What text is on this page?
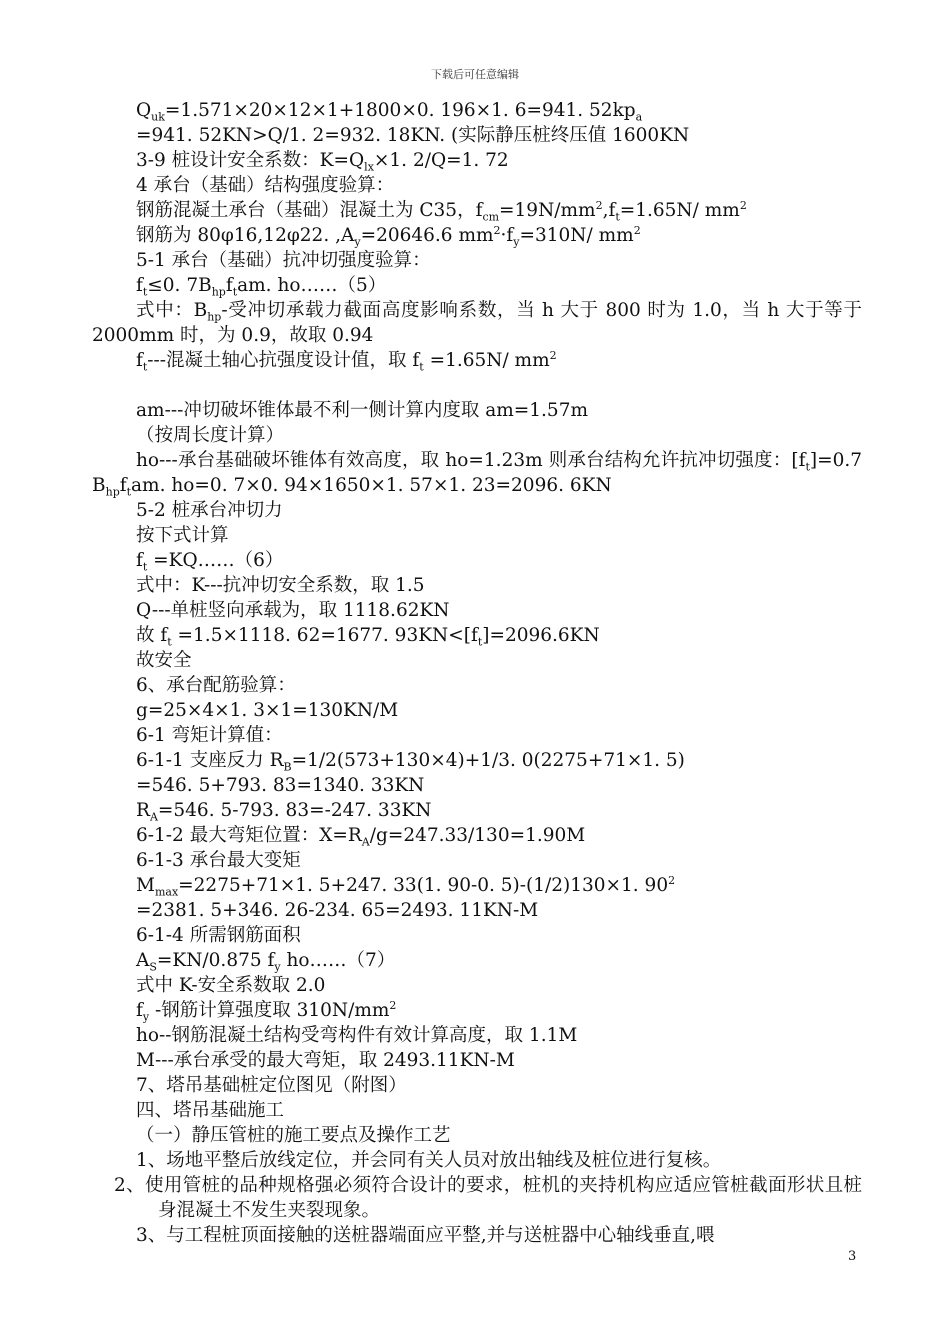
下载后可任意编辑
$Q_{uk}=1.571\times 20\times 12\times 1+1800\times 0$. 196×1. 6=941. $52kp_a$
=941. 52KN>Q/1. 2=932. 18KN. (实际静压桩终压值 1600KN
3-9 桩设计安全系数：$K=Q_{lx}\times 1$. 2/Q=1. 72
4 承台（基础）结构强度验算：
钢筋混凝土承台（基础）混凝土为 C35，$f_{cm}=19N/mm^2,f_t=1.65N/$ $mm^2$
钢筋为 80φ16,12φ22. $,A_y=20646.6$ $mm^2\cdot f_y=310N/$ $mm^2$
5-1 承台（基础）抗冲切强度验算：
$f_t\le 0$. $7B_{hp}f_tam$. ho……（5）
式中：$B_{hp}-$受冲切承载力截面高度影响系数，当 h 大于 800 时为 1.0，当 h 大于等于 2000mm 时，为 0.9，故取 0.94
$f_t---$混凝土轴心抗强度设计值，取 $f_t =1.65N/$ $mm^2$
am---冲切破坏锥体最不利一侧计算内度取 am=1.57m
（按周长度计算）
ho---承台基础破坏锥体有效高度，取 ho=1.23m 则承台结构允许抗冲切强度：$[f_t]=0.7$ $B_{hp}f_tam$. ho=0. 7×0. 94×1650×1. 57×1. 23=2096. 6KN
5-2 桩承台冲切力
按下式计算
$f_t$ =KQ……（6）
式中：K---抗冲切安全系数，取 1.5
Q---单桩竖向承载为，取 1118.62KN
故 $f_t =1.5\times 1118$. 62=1677. $93KN<[f_t]=2096.6KN$
故安全
6、承台配筋验算：
g=25×4×1. 3×1=130KN/M
6-1 弯矩计算值：
6-1-1 支座反力 $R_B=1/2(573+130\times 4)+1/3$. 0(2275+71×1. 5)
=546. 5+793. 83=1340. 33KN
$R_A=546$. 5-793. 83=-247. 33KN
6-1-2 最大弯矩位置：$X=R_A/g=247.33/130=1.90M$
6-1-3 承台最大变矩
$M_{max}=2275+71\times 1$. 5+247. 33(1. 90-0. 5)-(1/2)130×1. $90^2$
=2381. 5+346. 26-234. 65=2493. 11KN-M
6-1-4 所需钢筋面积
$A_S=KN/0.875$ $f_y$ ho……（7）
式中 K-安全系数取 2.0
$f_y$ -钢筋计算强度取 $310N/mm^2$
ho--钢筋混凝土结构受弯构件有效计算高度，取 1.1M
M---承台承受的最大弯矩，取 2493.11KN-M
7、塔吊基础桩定位图见（附图）
四、塔吊基础施工
（一）静压管桩的施工要点及操作工艺
1、场地平整后放线定位，并会同有关人员对放出轴线及桩位进行复核。
2、使用管桩的品种规格强必须符合设计的要求，桩机的夹持机构应适应管桩截面形状且桩身混凝土不发生夹裂现象。
3、与工程桩顶面接触的送桩器端面应平整,并与送桩器中心轴线垂直,喂
3
